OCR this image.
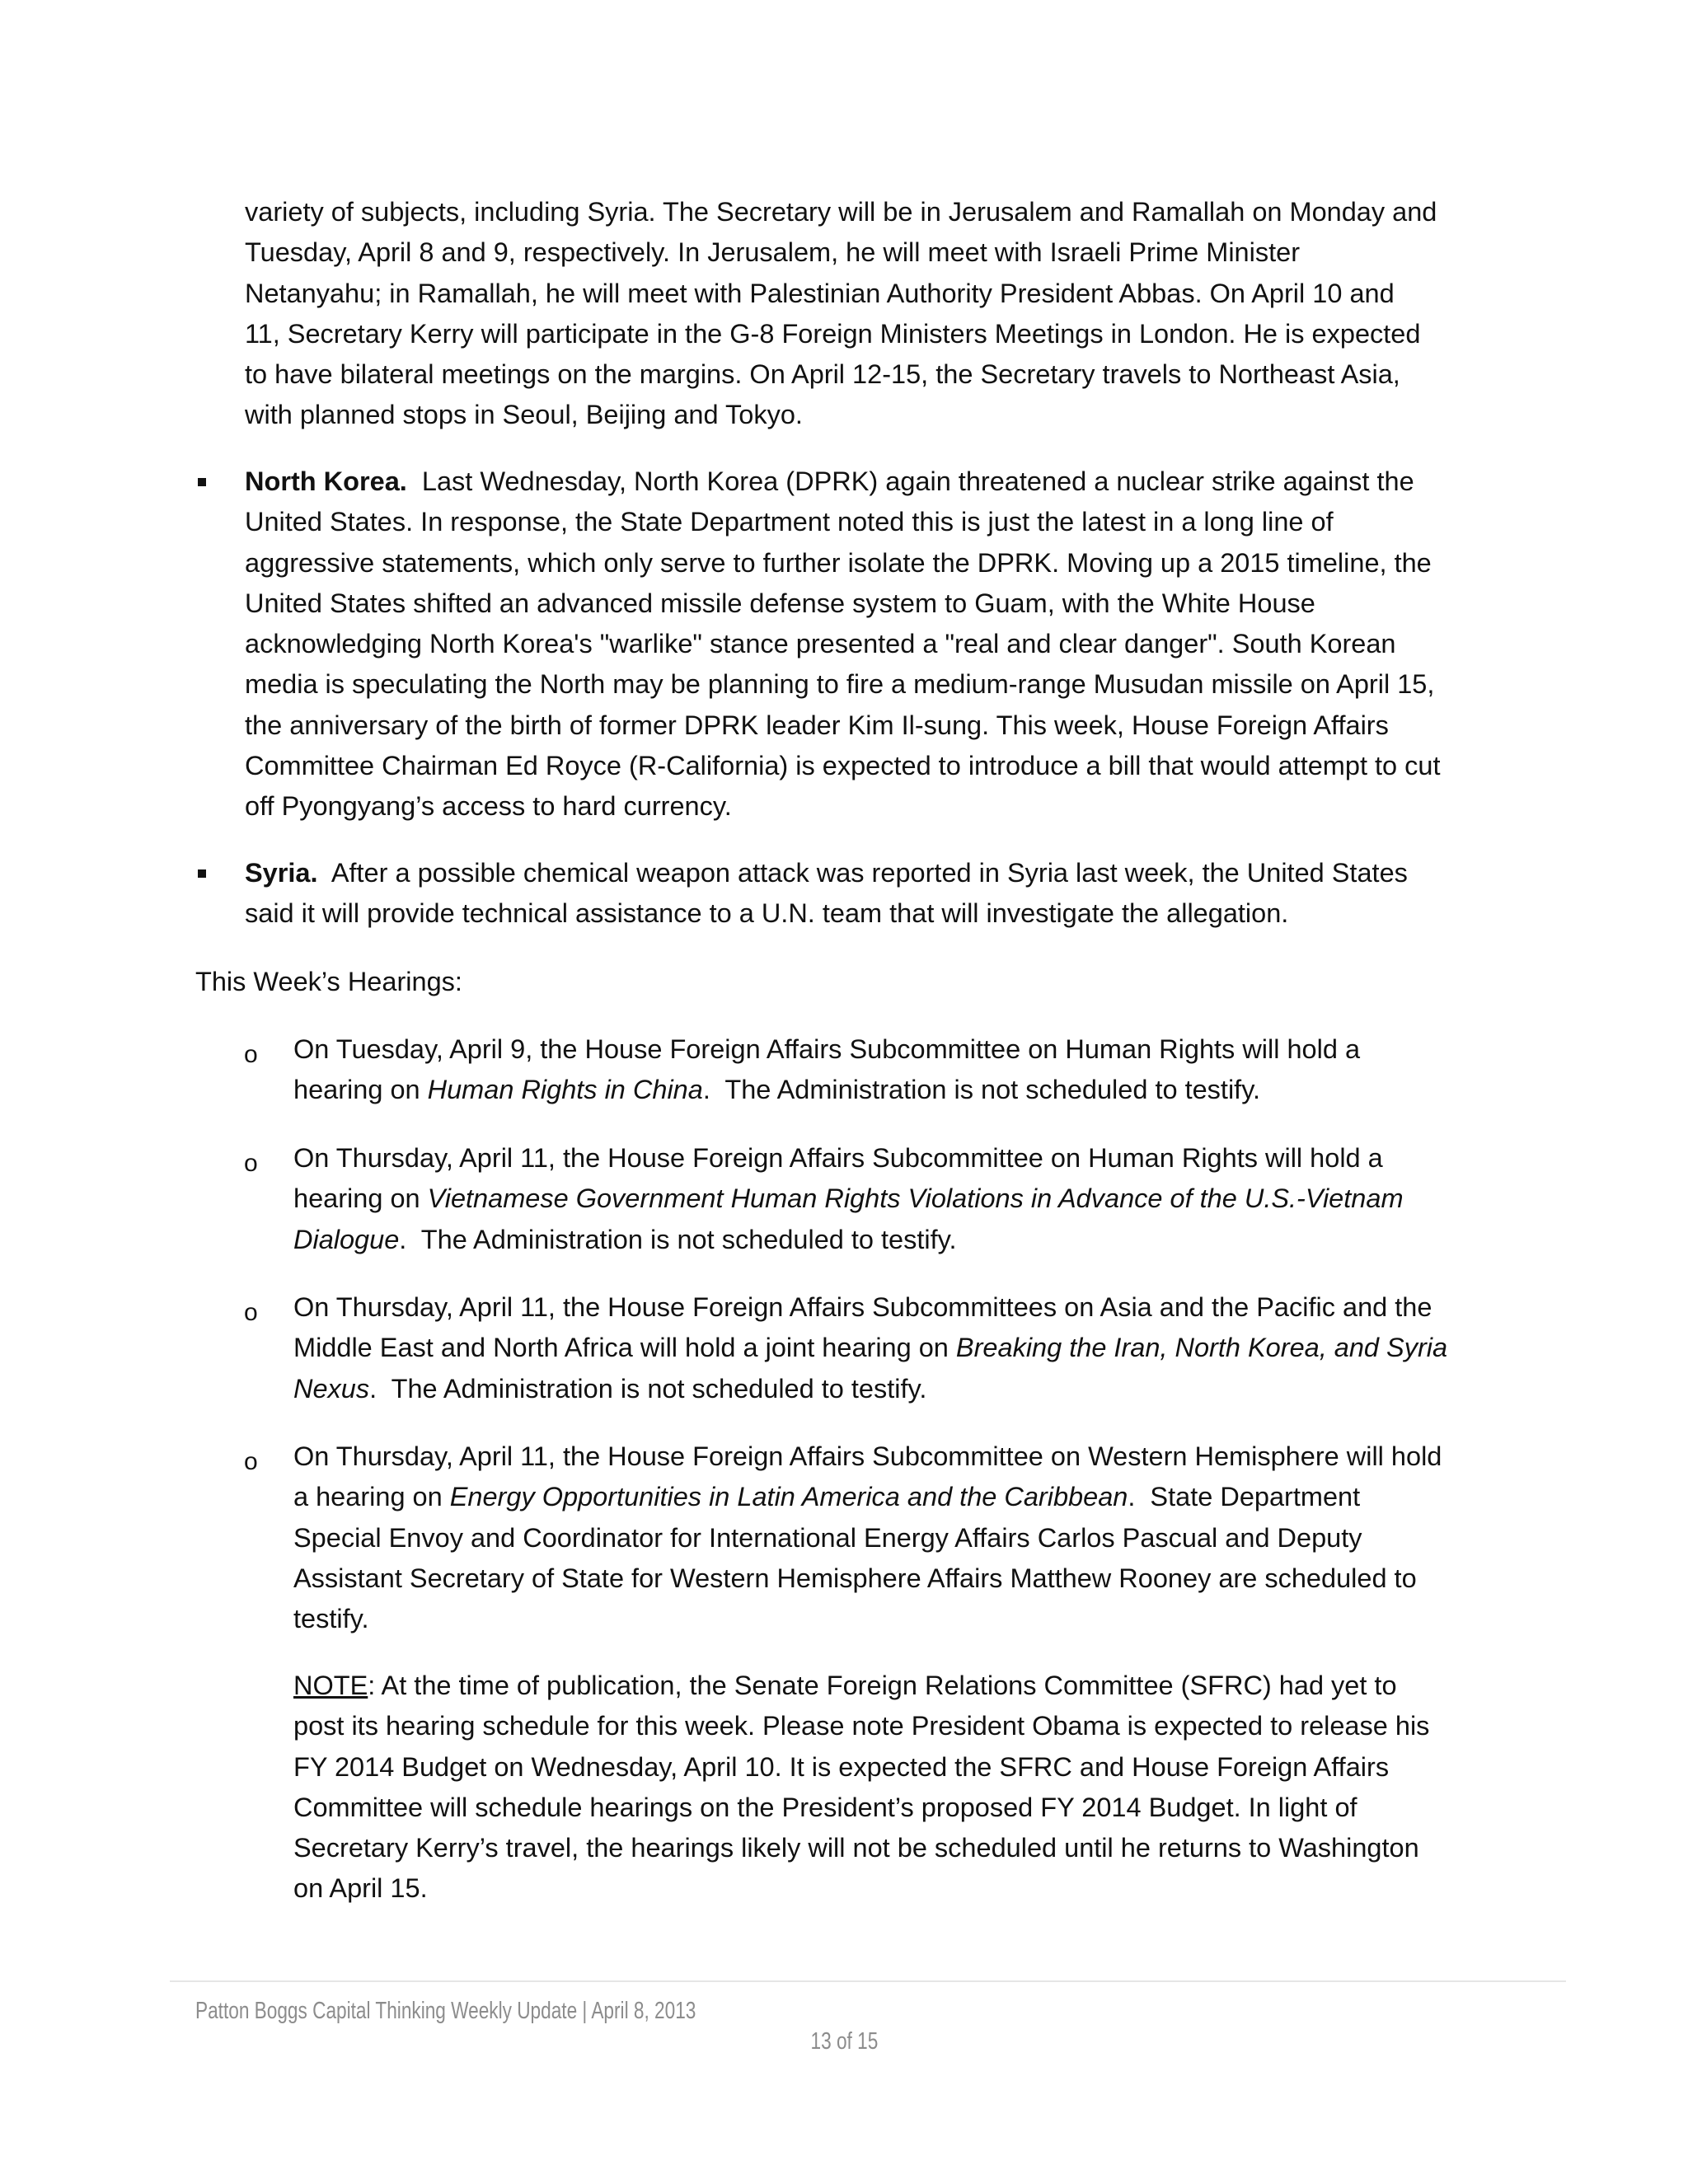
variety of subjects, including Syria. The Secretary will be in Jerusalem and Ramallah on Monday and
Tuesday, April 8 and 9, respectively. In Jerusalem, he will meet with Israeli Prime Minister
Netanyahu; in Ramallah, he will meet with Palestinian Authority President Abbas. On April 10 and
11, Secretary Kerry will participate in the G-8 Foreign Ministers Meetings in London. He is expected
to have bilateral meetings on the margins. On April 12-15, the Secretary travels to Northeast Asia,
with planned stops in Seoul, Beijing and Tokyo.
North Korea.  Last Wednesday, North Korea (DPRK) again threatened a nuclear strike against the
United States. In response, the State Department noted this is just the latest in a long line of
aggressive statements, which only serve to further isolate the DPRK. Moving up a 2015 timeline, the
United States shifted an advanced missile defense system to Guam, with the White House
acknowledging North Korea's "warlike" stance presented a "real and clear danger". South Korean
media is speculating the North may be planning to fire a medium-range Musudan missile on April 15,
the anniversary of the birth of former DPRK leader Kim Il-sung. This week, House Foreign Affairs
Committee Chairman Ed Royce (R-California) is expected to introduce a bill that would attempt to cut
off Pyongyang’s access to hard currency.
Syria.  After a possible chemical weapon attack was reported in Syria last week, the United States
said it will provide technical assistance to a U.N. team that will investigate the allegation.
This Week’s Hearings:
o On Tuesday, April 9, the House Foreign Affairs Subcommittee on Human Rights will hold a
hearing on Human Rights in China.  The Administration is not scheduled to testify.
o On Thursday, April 11, the House Foreign Affairs Subcommittee on Human Rights will hold a
hearing on Vietnamese Government Human Rights Violations in Advance of the U.S.-Vietnam
Dialogue.  The Administration is not scheduled to testify.
o On Thursday, April 11, the House Foreign Affairs Subcommittees on Asia and the Pacific and the
Middle East and North Africa will hold a joint hearing on Breaking the Iran, North Korea, and Syria
Nexus.  The Administration is not scheduled to testify.
o On Thursday, April 11, the House Foreign Affairs Subcommittee on Western Hemisphere will hold
a hearing on Energy Opportunities in Latin America and the Caribbean.  State Department
Special Envoy and Coordinator for International Energy Affairs Carlos Pascual and Deputy
Assistant Secretary of State for Western Hemisphere Affairs Matthew Rooney are scheduled to
testify.
NOTE: At the time of publication, the Senate Foreign Relations Committee (SFRC) had yet to
post its hearing schedule for this week. Please note President Obama is expected to release his
FY 2014 Budget on Wednesday, April 10. It is expected the SFRC and House Foreign Affairs
Committee will schedule hearings on the President’s proposed FY 2014 Budget. In light of
Secretary Kerry’s travel, the hearings likely will not be scheduled until he returns to Washington
on April 15.
Patton Boggs Capital Thinking Weekly Update | April 8, 2013
13 of 15
